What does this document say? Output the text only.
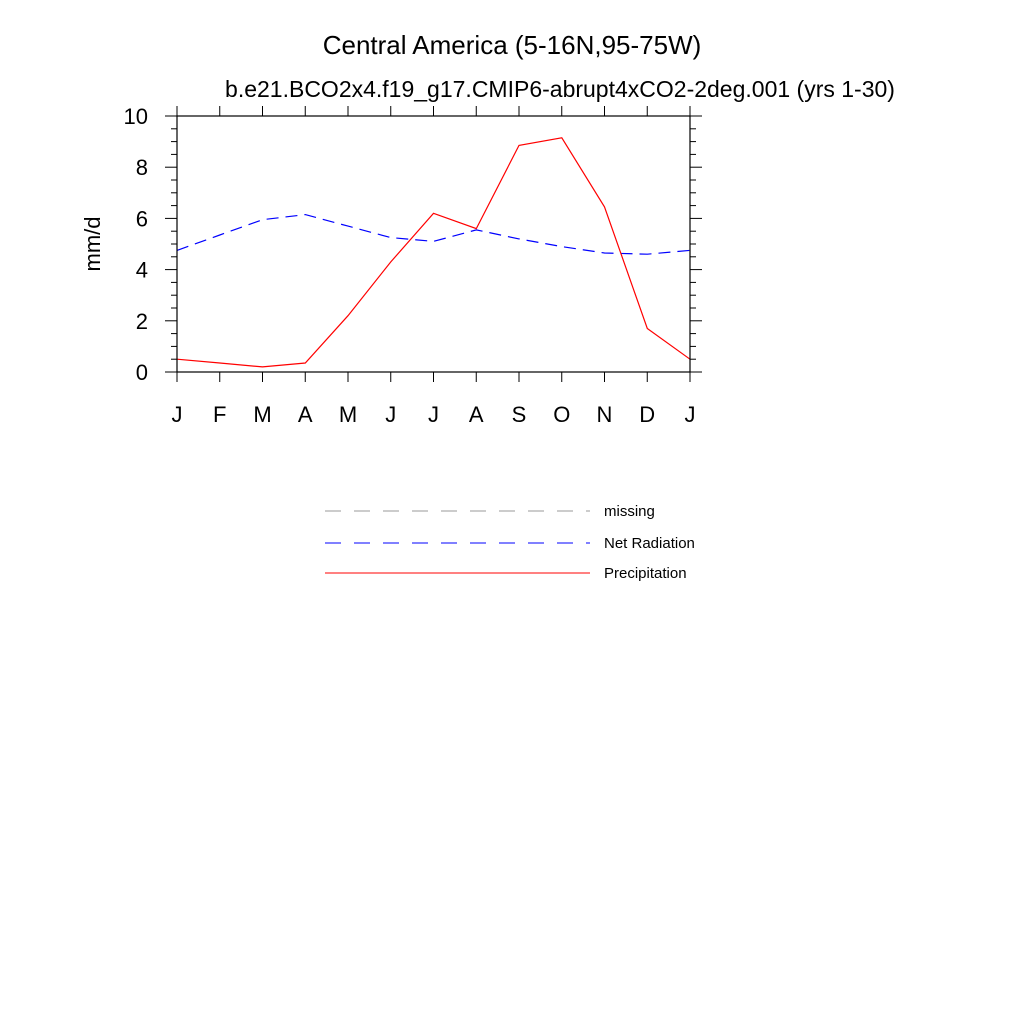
Central America (5-16N,95-75W)
b.e21.BCO2x4.f19_g17.CMIP6-abrupt4xCO2-2deg.001 (yrs 1-30)
mm/d
J F M A M J J A S O N D J
0
2
4
6
8
10
missing
Net Radiation
Precipitation
